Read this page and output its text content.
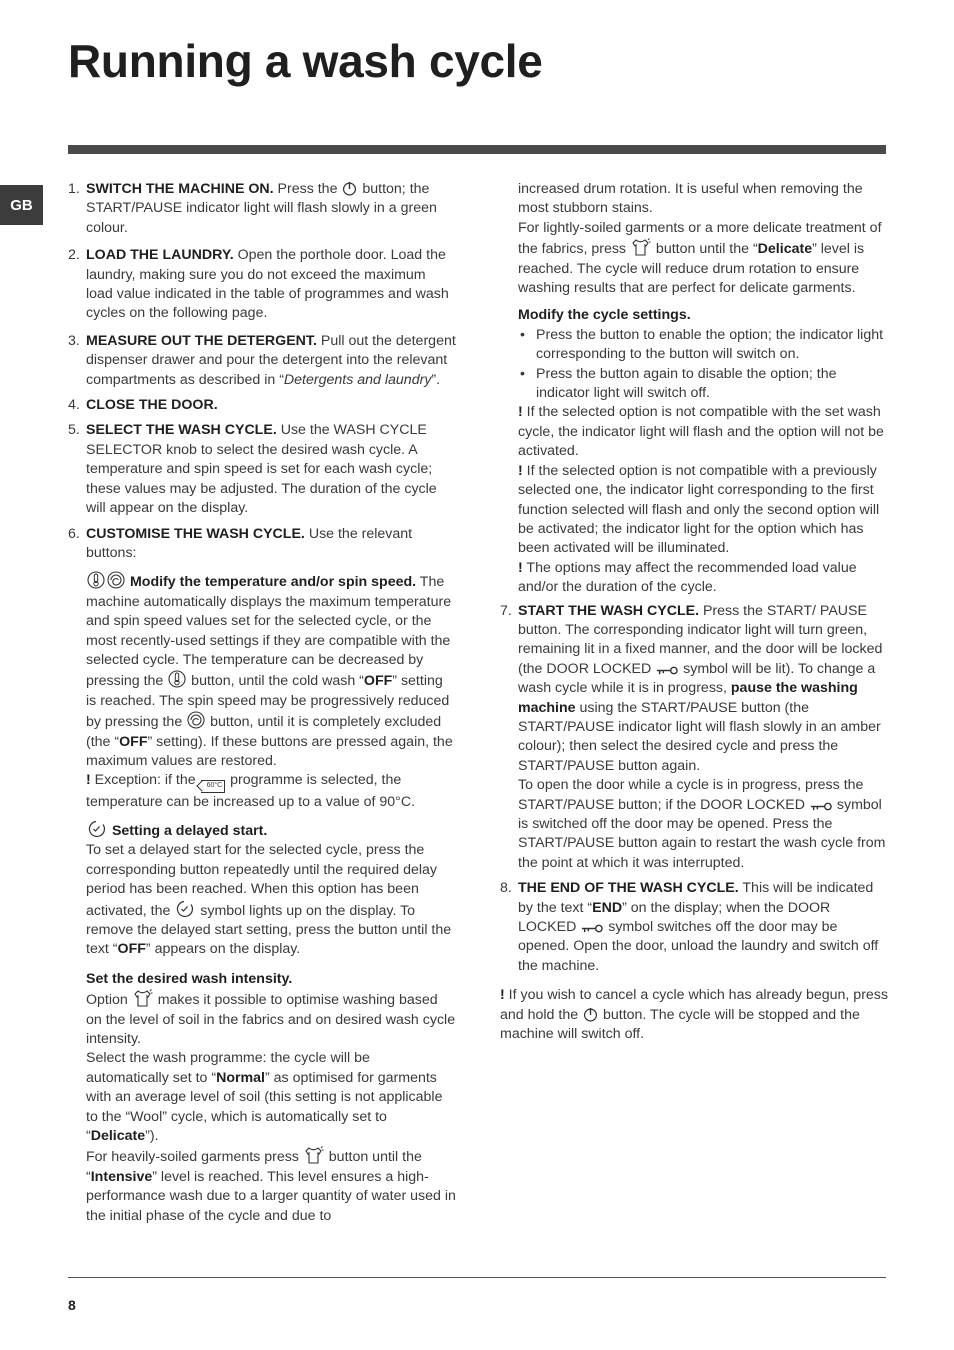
Running a wash cycle
GB
1. SWITCH THE MACHINE ON. Press the  button; the START/PAUSE indicator light will flash slowly in a green colour.
2. LOAD THE LAUNDRY. Open the porthole door. Load the laundry, making sure you do not exceed the maximum load value indicated in the table of programmes and wash cycles on the following page.
3. MEASURE OUT THE DETERGENT. Pull out the detergent dispenser drawer and pour the detergent into the relevant compartments as described in “Detergents and laundry”.
4. CLOSE THE DOOR.
5. SELECT THE WASH CYCLE. Use the WASH CYCLE SELECTOR knob to select the desired wash cycle. A temperature and spin speed is set for each wash cycle; these values may be adjusted. The duration of the cycle will appear on the display.
6. CUSTOMISE THE WASH CYCLE. Use the relevant buttons:
Modify the temperature and/or spin speed. The machine automatically displays the maximum temperature and spin speed values set for the selected cycle, or the most recently-used settings if they are compatible with the selected cycle. The temperature can be decreased by pressing the  button, until the cold wash “OFF” setting is reached. The spin speed may be progressively reduced by pressing the  button, until it is completely excluded (the “OFF” setting). If these buttons are pressed again, the maximum values are restored.
! Exception: if the 60°C programme is selected, the temperature can be increased up to a value of 90°C.
Setting a delayed start.
To set a delayed start for the selected cycle, press the corresponding button repeatedly until the required delay period has been reached. When this option has been activated, the  symbol lights up on the display. To remove the delayed start setting, press the button until the text “OFF” appears on the display.
Set the desired wash intensity.
Option  makes it possible to optimise washing based on the level of soil in the fabrics and on desired wash cycle intensity.
Select the wash programme: the cycle will be automatically set to “Normal” as optimised for garments with an average level of soil (this setting is not applicable to the “Wool” cycle, which is automatically set to “Delicate”).
For heavily-soiled garments press  button until the “Intensive” level is reached. This level ensures a high-performance wash due to a larger quantity of water used in the initial phase of the cycle and due to
increased drum rotation. It is useful when removing the most stubborn stains.
For lightly-soiled garments or a more delicate treatment of the fabrics, press  button until the “Delicate” level is reached. The cycle will reduce drum rotation to ensure washing results that are perfect for delicate garments.
Modify the cycle settings.
• Press the button to enable the option; the indicator light corresponding to the button will switch on.
• Press the button again to disable the option; the indicator light will switch off.
! If the selected option is not compatible with the set wash cycle, the indicator light will flash and the option will not be activated.
! If the selected option is not compatible with a previously selected one, the indicator light corresponding to the first function selected will flash and only the second option will be activated; the indicator light for the option which has been activated will be illuminated.
! The options may affect the recommended load value and/or the duration of the cycle.
7. START THE WASH CYCLE. Press the START/ PAUSE button. The corresponding indicator light will turn green, remaining lit in a fixed manner, and the door will be locked (the DOOR LOCKED  symbol will be lit). To change a wash cycle while it is in progress, pause the washing machine using the START/PAUSE button (the START/PAUSE indicator light will flash slowly in an amber colour); then select the desired cycle and press the START/PAUSE button again.
To open the door while a cycle is in progress, press the START/PAUSE button; if the DOOR LOCKED  symbol is switched off the door may be opened. Press the START/PAUSE button again to restart the wash cycle from the point at which it was interrupted.
8. THE END OF THE WASH CYCLE. This will be indicated by the text “END” on the display; when the DOOR LOCKED  symbol switches off the door may be opened. Open the door, unload the laundry and switch off the machine.
! If you wish to cancel a cycle which has already begun, press and hold the  button. The cycle will be stopped and the machine will switch off.
8
